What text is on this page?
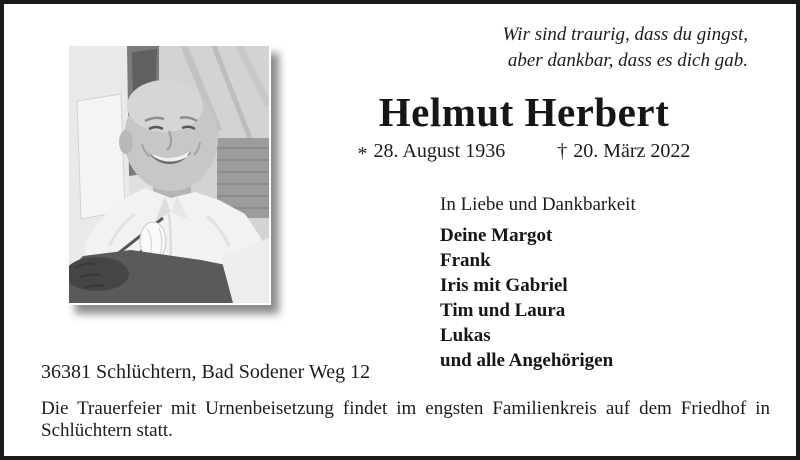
Wir sind traurig, dass du gingst,
aber dankbar, dass es dich gab.
Helmut Herbert
* 28. August 1936	† 20. März 2022
In Liebe und Dankbarkeit
Deine Margot
Frank
Iris mit Gabriel
Tim und Laura
Lukas
und alle Angehörigen
36381 Schlüchtern, Bad Sodener Weg 12
Die Trauerfeier mit Urnenbeisetzung findet im engsten Familienkreis auf dem Friedhof in
Schlüchtern statt.
